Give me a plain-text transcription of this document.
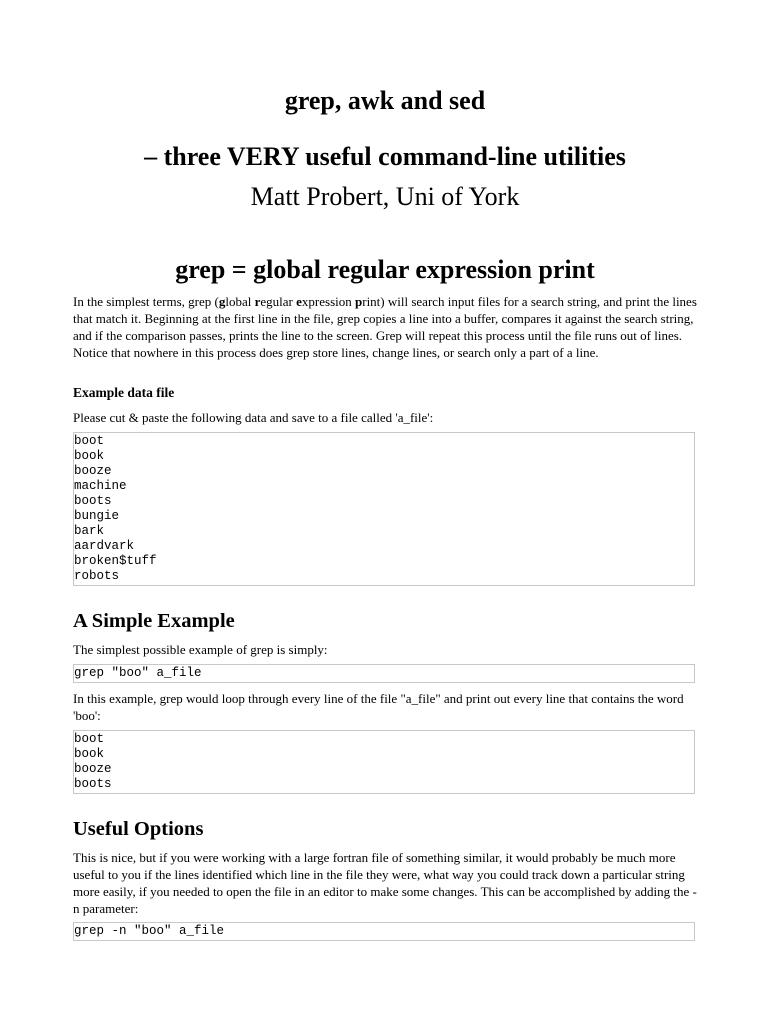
grep, awk and sed
– three VERY useful command-line utilities
Matt Probert, Uni of York
grep = global regular expression print

In the simplest terms, grep (global regular expression print) will search input files for a search string, and print the lines that match it. Beginning at the first line in the file, grep copies a line into a buffer, compares it against the search string, and if the comparison passes, prints the line to the screen. Grep will repeat this process until the file runs out of lines. Notice that nowhere in this process does grep store lines, change lines, or search only a part of a line.

Example data file

Please cut & paste the following data and save to a file called 'a_file':

boot
book
booze
machine
boots
bungie
bark
aardvark
broken$tuff
robots
A Simple Example

The simplest possible example of grep is simply:

grep "boo" a_file

In this example, grep would loop through every line of the file "a_file" and print out every line that contains the word 'boo':

boot
book
booze
boots
Useful Options

This is nice, but if you were working with a large fortran file of something similar, it would probably be much more useful to you if the lines identified which line in the file they were, what way you could track down a particular string more easily, if you needed to open the file in an editor to make some changes. This can be accomplished by adding the -n parameter:

grep -n "boo" a_file
